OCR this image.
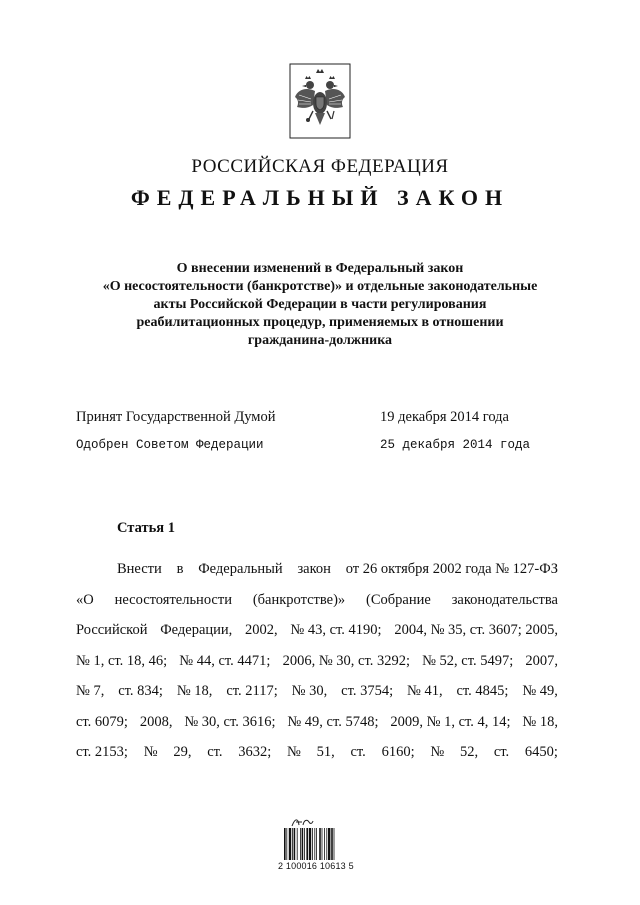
РОССИЙСКАЯ ФЕДЕРАЦИЯ
ФЕДЕРАЛЬНЫЙ ЗАКОН
О внесении изменений в Федеральный закон
«О несостоятельности (банкротстве)» и отдельные законодательные
акты Российской Федерации в части регулирования
реабилитационных процедур, применяемых в отношении
гражданина-должника
Принят Государственной Думой	19 декабря 2014 года
Одобрен Советом Федерации	25 декабря 2014 года
Статья 1
Внести в Федеральный закон от 26 октября 2002 года № 127-ФЗ
«О несостоятельности (банкротстве)» (Собрание законодательства
Российской Федерации, 2002, № 43, ст. 4190; 2004, № 35, ст. 3607; 2005,
№ 1, ст. 18, 46; № 44, ст. 4471; 2006, № 30, ст. 3292; № 52, ст. 5497; 2007,
№ 7, ст. 834; № 18, ст. 2117; № 30, ст. 3754; № 41, ст. 4845; № 49,
ст. 6079; 2008, № 30, ст. 3616; № 49, ст. 5748; 2009, № 1, ст. 4, 14; № 18,
ст. 2153; № 29, ст. 3632; № 51, ст. 6160; № 52, ст. 6450;
2 100016 10613 5
